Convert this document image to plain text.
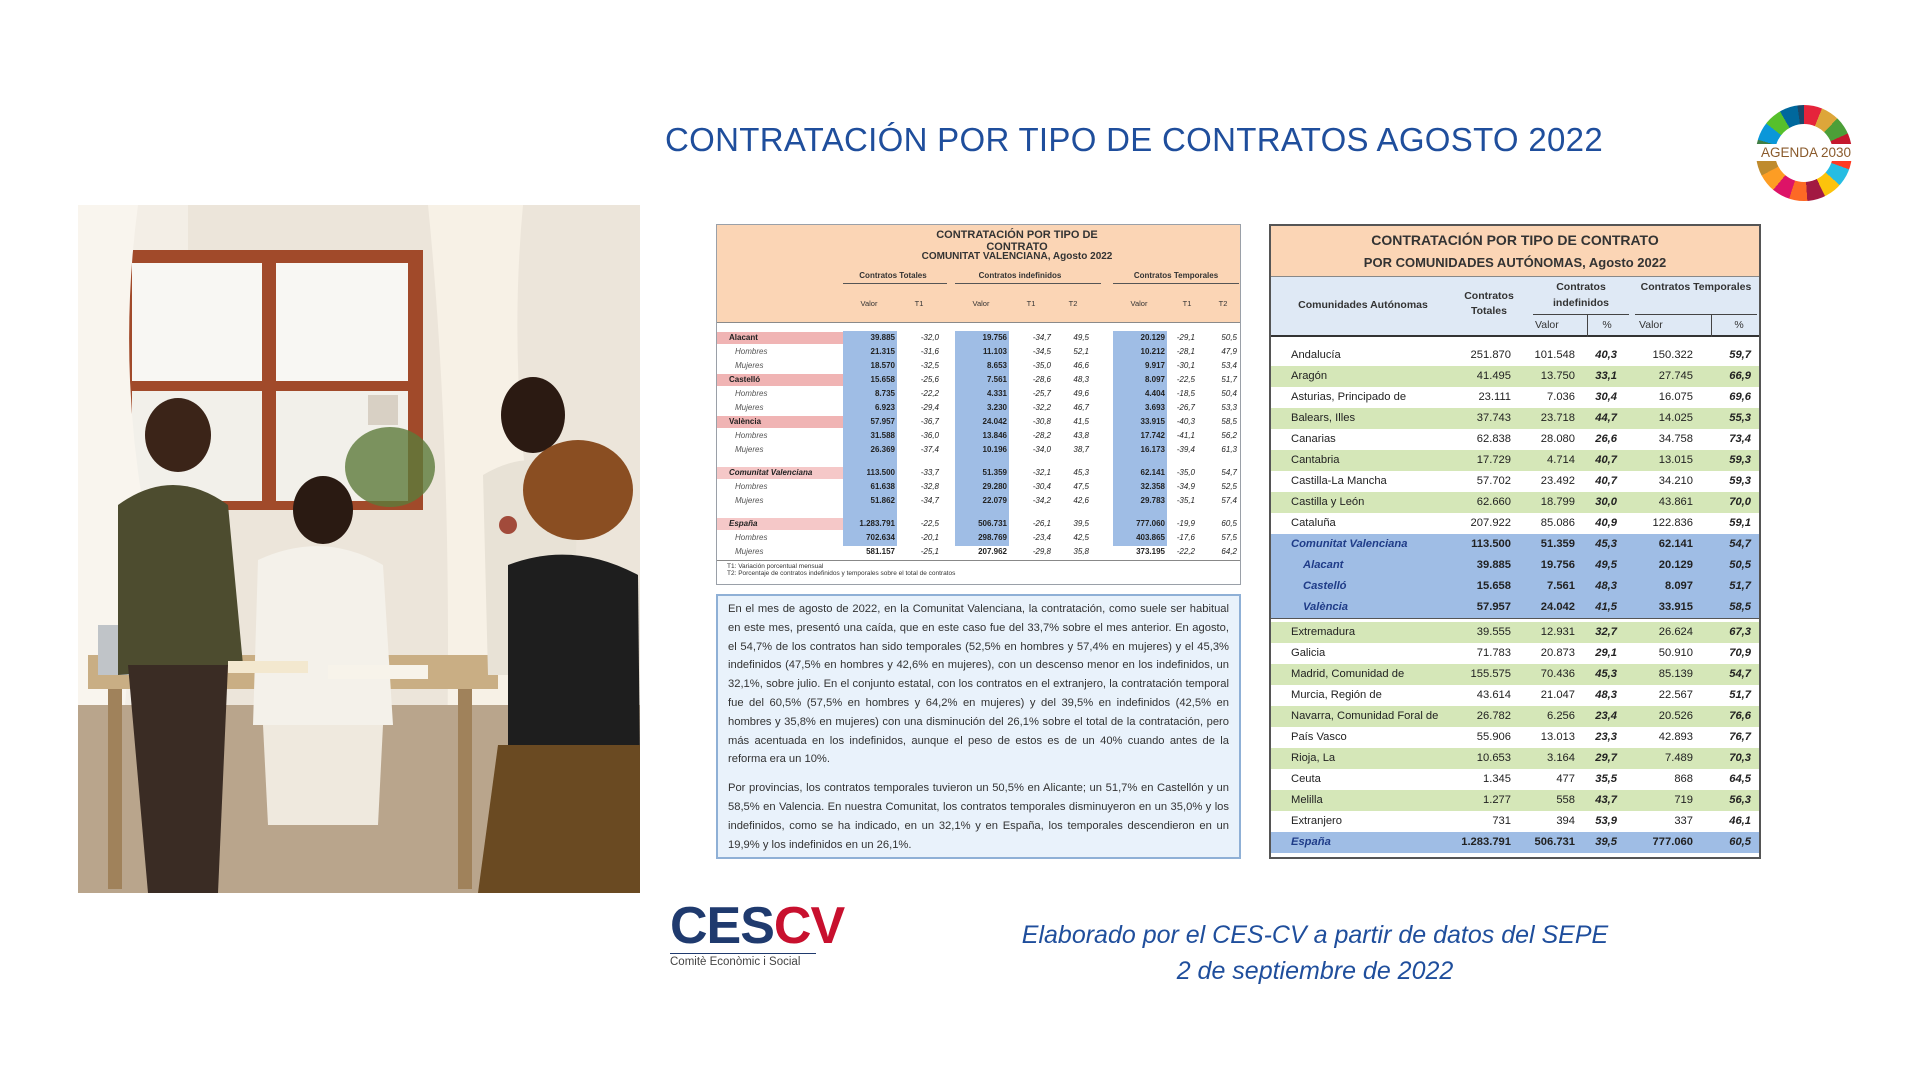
CONTRATACIÓN POR TIPO DE CONTRATOS AGOSTO 2022	AGENDA 2030
CONTRATACIÓN POR TIPO DE CONTRATO
COMUNITAT VALENCIANA, Agosto 2022
Contratos Totales	Contratos indefinidos	Contratos Temporales
Valor	T1	Valor	T1	T2	Valor	T1	T2
Alacant	39.885	-32,0	19.756	-34,7	49,5	20.129	-29,1	50,5
Hombres	21.315	-31,6	11.103	-34,5	52,1	10.212	-28,1	47,9
Mujeres	18.570	-32,5	8.653	-35,0	46,6	9.917	-30,1	53,4
Castelló	15.658	-25,6	7.561	-28,6	48,3	8.097	-22,5	51,7
Hombres	8.735	-22,2	4.331	-25,7	49,6	4.404	-18,5	50,4
Mujeres	6.923	-29,4	3.230	-32,2	46,7	3.693	-26,7	53,3
València	57.957	-36,7	24.042	-30,8	41,5	33.915	-40,3	58,5
Hombres	31.588	-36,0	13.846	-28,2	43,8	17.742	-41,1	56,2
Mujeres	26.369	-37,4	10.196	-34,0	38,7	16.173	-39,4	61,3
Comunitat Valenciana	113.500	-33,7	51.359	-32,1	45,3	62.141	-35,0	54,7
Hombres	61.638	-32,8	29.280	-30,4	47,5	32.358	-34,9	52,5
Mujeres	51.862	-34,7	22.079	-34,2	42,6	29.783	-35,1	57,4
España	1.283.791	-22,5	506.731	-26,1	39,5	777.060	-19,9	60,5
Hombres	702.634	-20,1	298.769	-23,4	42,5	403.865	-17,6	57,5
Mujeres	581.157	-25,1	207.962	-29,8	35,8	373.195	-22,2	64,2
T1: Variación porcentual mensual
T2: Porcentaje de contratos indefinidos y temporales sobre el total de contratos

En el mes de agosto de 2022, en la Comunitat Valenciana, la contratación, como suele ser habitual en este mes, presentó una caída, que en este caso fue del 33,7% sobre el mes anterior. En agosto, el 54,7% de los contratos han sido temporales (52,5% en hombres y 57,4% en mujeres) y el 45,3% indefinidos (47,5% en hombres y 42,6% en mujeres), con un descenso menor en los indefinidos, un 32,1%, sobre julio. En el conjunto estatal, con los contratos en el extranjero, la contratación temporal fue del 60,5% (57,5% en hombres y 64,2% en mujeres) y del 39,5% en indefinidos (42,5% en hombres y 35,8% en mujeres) con una disminución del 26,1% sobre el total de la contratación, pero más acentuada en los indefinidos, aunque el peso de estos es de un 40% cuando antes de la reforma era un 10%.

Por provincias, los contratos temporales tuvieron un 50,5% en Alicante; un 51,7% en Castellón y un 58,5% en Valencia. En nuestra Comunitat, los contratos temporales disminuyeron en un 35,0% y los indefinidos, como se ha indicado, en un 32,1% y en España, los temporales descendieron en un 19,9% y los indefinidos en un 26,1%.

CONTRATACIÓN POR TIPO DE CONTRATO
POR COMUNIDADES AUTÓNOMAS, Agosto 2022
Comunidades Autónomas
Contratos Totales
Contratos indefinidos
Contratos Temporales
Valor	%	Valor	%
Andalucía	251.870	101.548	40,3	150.322	59,7
Aragón	41.495	13.750	33,1	27.745	66,9
Asturias, Principado de	23.111	7.036	30,4	16.075	69,6
Balears, Illes	37.743	23.718	44,7	14.025	55,3
Canarias	62.838	28.080	26,6	34.758	73,4
Cantabria	17.729	4.714	40,7	13.015	59,3
Castilla-La Mancha	57.702	23.492	40,7	34.210	59,3
Castilla y León	62.660	18.799	30,0	43.861	70,0
Cataluña	207.922	85.086	40,9	122.836	59,1
Comunitat Valenciana	113.500	51.359	45,3	62.141	54,7
Alacant	39.885	19.756	49,5	20.129	50,5
Castelló	15.658	7.561	48,3	8.097	51,7
València	57.957	24.042	41,5	33.915	58,5
Extremadura	39.555	12.931	32,7	26.624	67,3
Galicia	71.783	20.873	29,1	50.910	70,9
Madrid, Comunidad de	155.575	70.436	45,3	85.139	54,7
Murcia, Región de	43.614	21.047	48,3	22.567	51,7
Navarra, Comunidad Foral de	26.782	6.256	23,4	20.526	76,6
País Vasco	55.906	13.013	23,3	42.893	76,7
Rioja, La	10.653	3.164	29,7	7.489	70,3
Ceuta	1.345	477	35,5	868	64,5
Melilla	1.277	558	43,7	719	56,3
Extranjero	731	394	53,9	337	46,1
España	1.283.791	506.731	39,5	777.060	60,5
CESCV
Comitè Econòmic i Social
Elaborado por el CES-CV a partir de datos del SEPE
2 de septiembre de 2022
